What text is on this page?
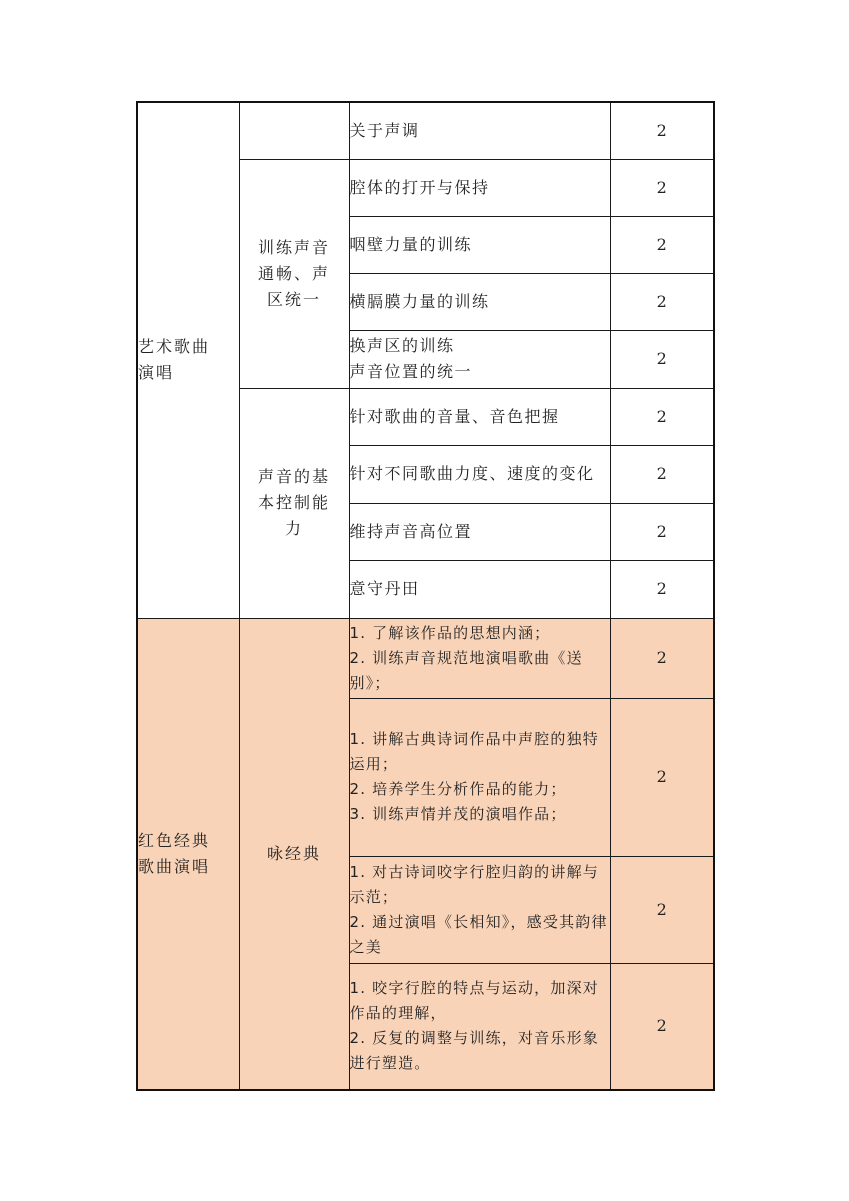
艺术歌曲演唱		关于声调	2
	训练声音通畅、声区统一	腔体的打开与保持	2

		咽壁力量的训练	2

		横膈膜力量的训练	2

		换声区的训练
声音位置的统一	2
	声音的基本控制能力	针对歌曲的音量、音色把握	2

		针对不同歌曲力度、速度的变化	2

		维持声音高位置	2

		意守丹田	2
红色经典歌曲演唱	咏经典	1. 了解该作品的思想内涵；
2. 训练声音规范地演唱歌曲《送别》；	2

		1. 讲解古典诗词作品中声腔的独特运用；
2. 培养学生分析作品的能力；
3. 训练声情并茂的演唱作品；	2

		1. 对古诗词咬字行腔归韵的讲解与示范；
2. 通过演唱《长相知》，感受其韵律之美	2

		1. 咬字行腔的特点与运动，加深对作品的理解，
2. 反复的调整与训练，对音乐形象进行塑造。	2
